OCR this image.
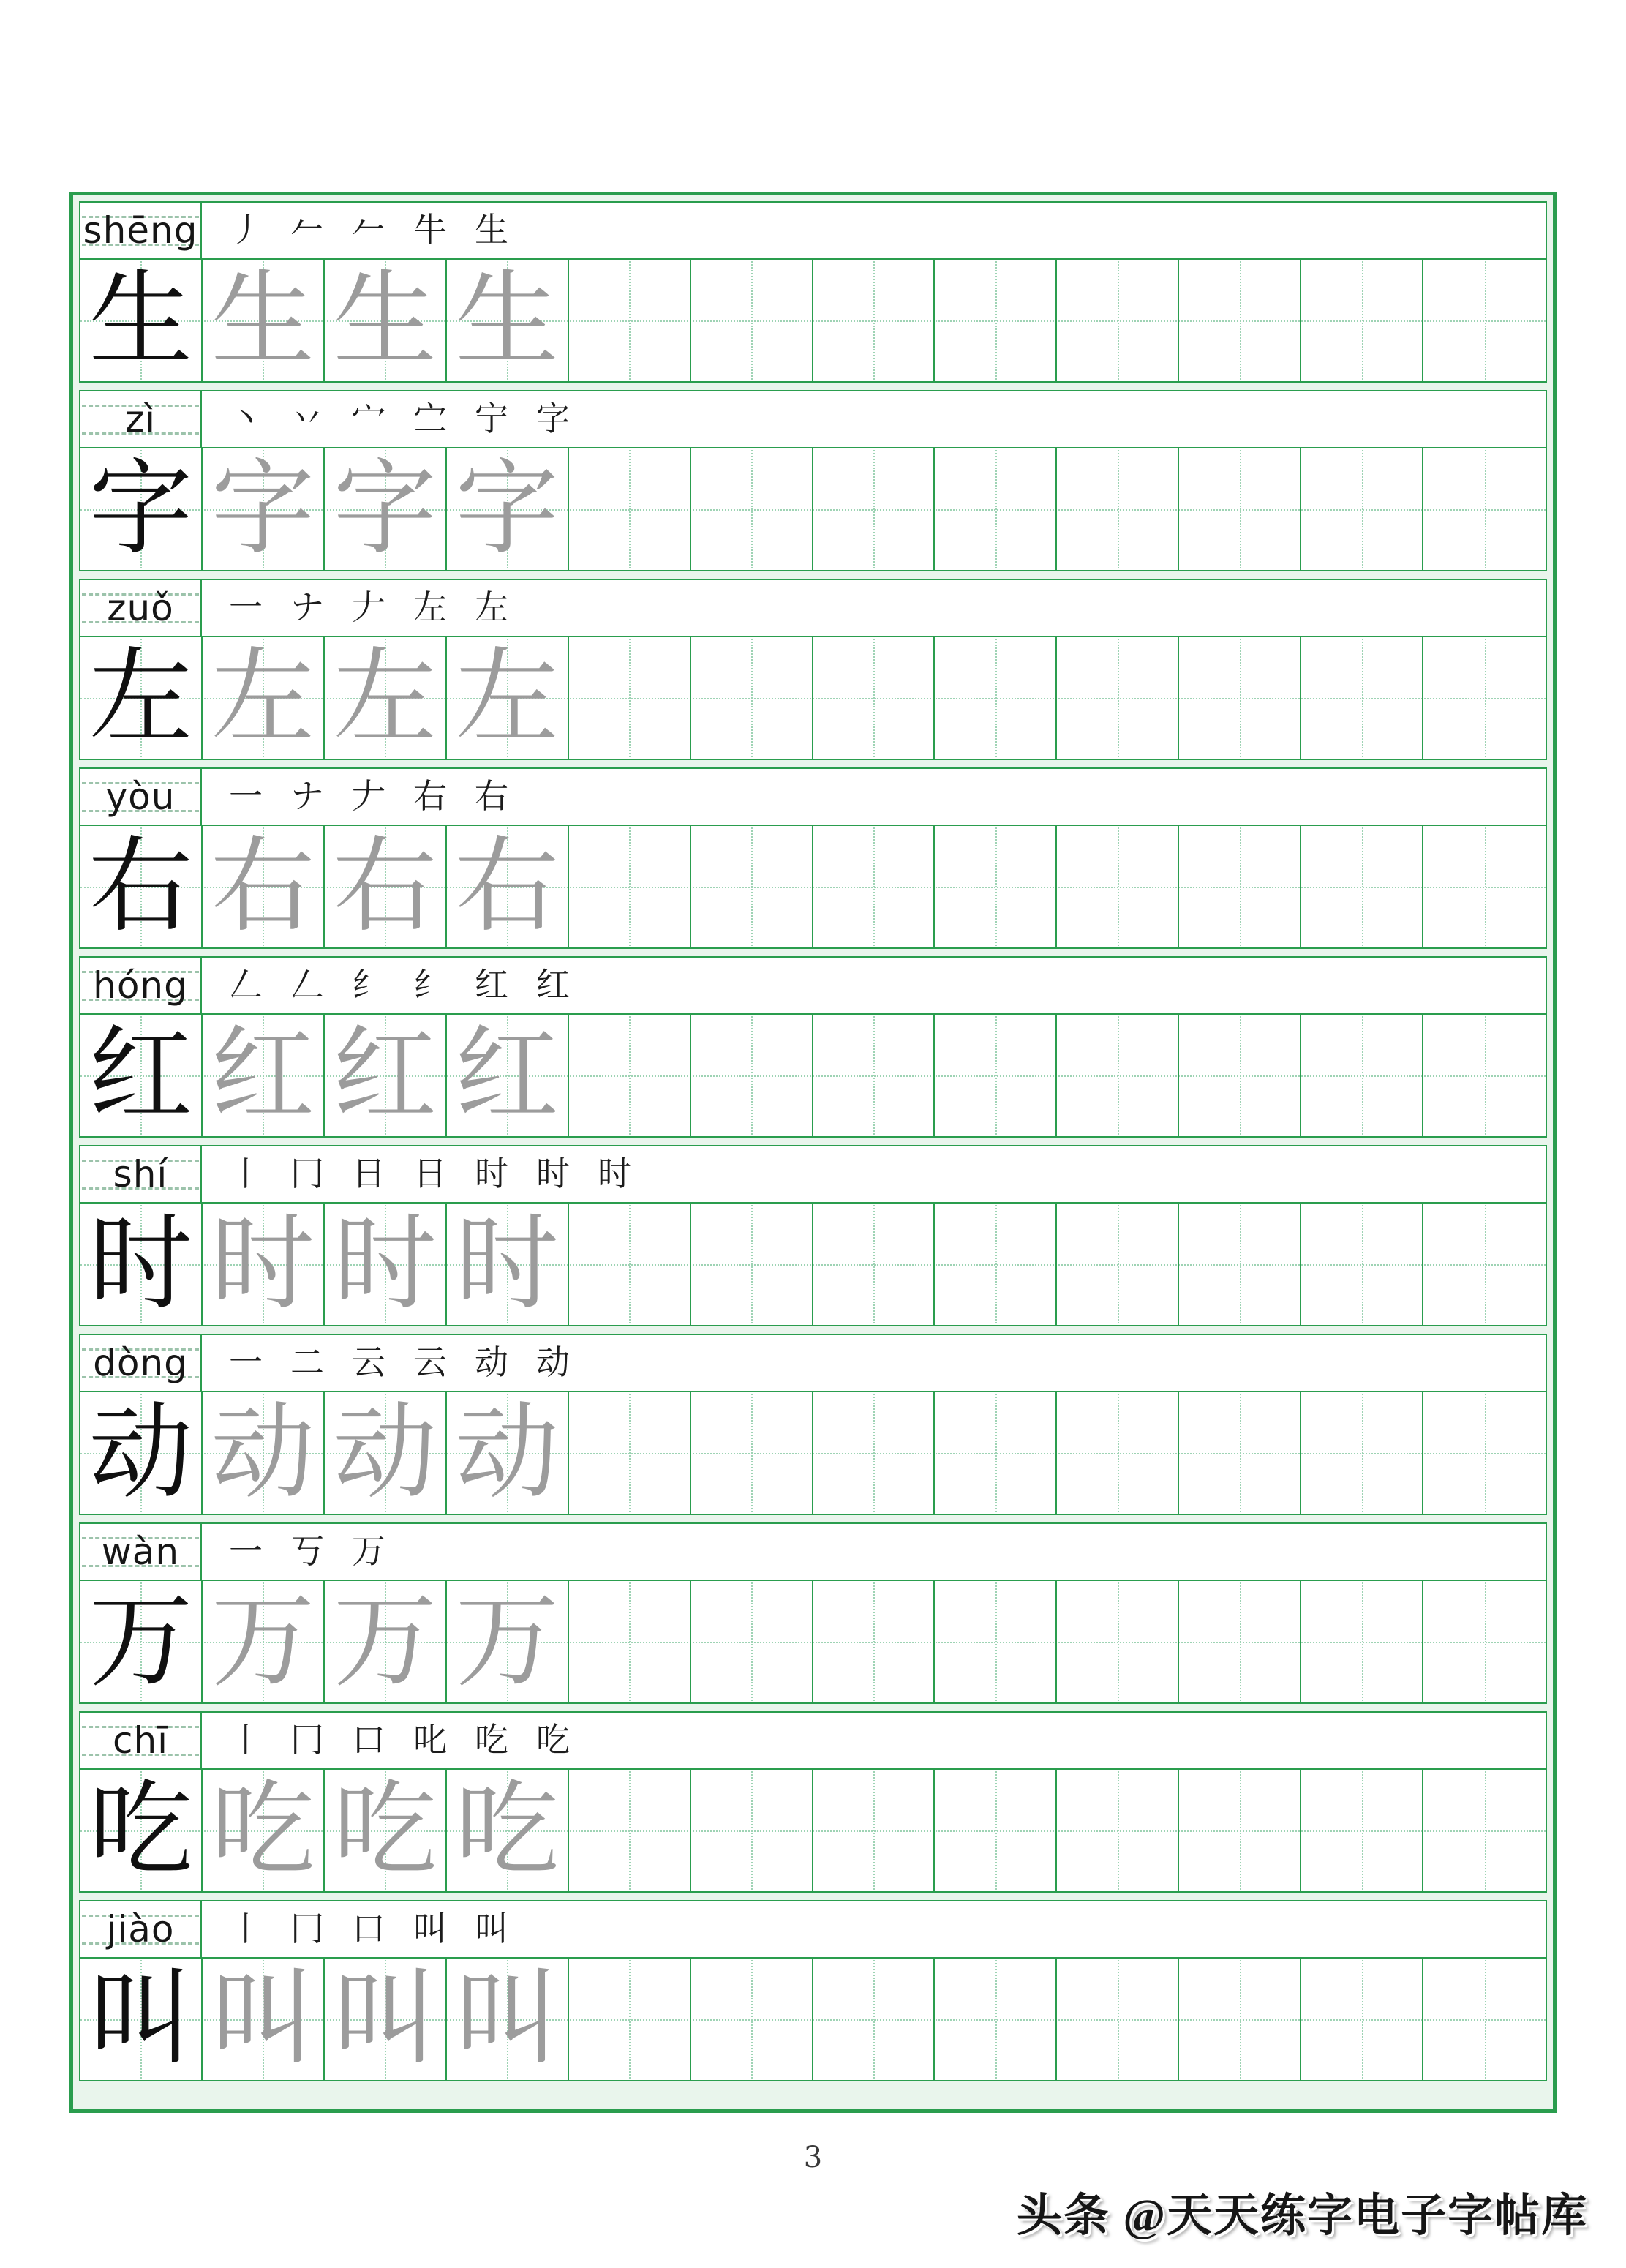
shēng 丿 𠂉 𠂉 牛 生
生 生 生 生
zì	丶 丷 宀 㝉 宁 字
字 字 字 字
zuǒ	一 ナ 𠂇 左 左
左 左 左 左
yòu	一 ナ 𠂇 右 右
右 右 右 右
hóng	𠃋 𠃋 纟 纟 红 红
红 红 红 红
shí	丨 冂 日 日 时 时 时
时 时 时 时
dòng	一 二 云 云 动 动
动 动 动 动
wàn	一 丂 万
万 万 万 万
chī	丨 冂 口 叱 吃 吃
吃 吃 吃 吃
jiào	丨 冂 口 叫 叫
叫 叫 叫 叫
3
头条 @天天练字电子字帖库
